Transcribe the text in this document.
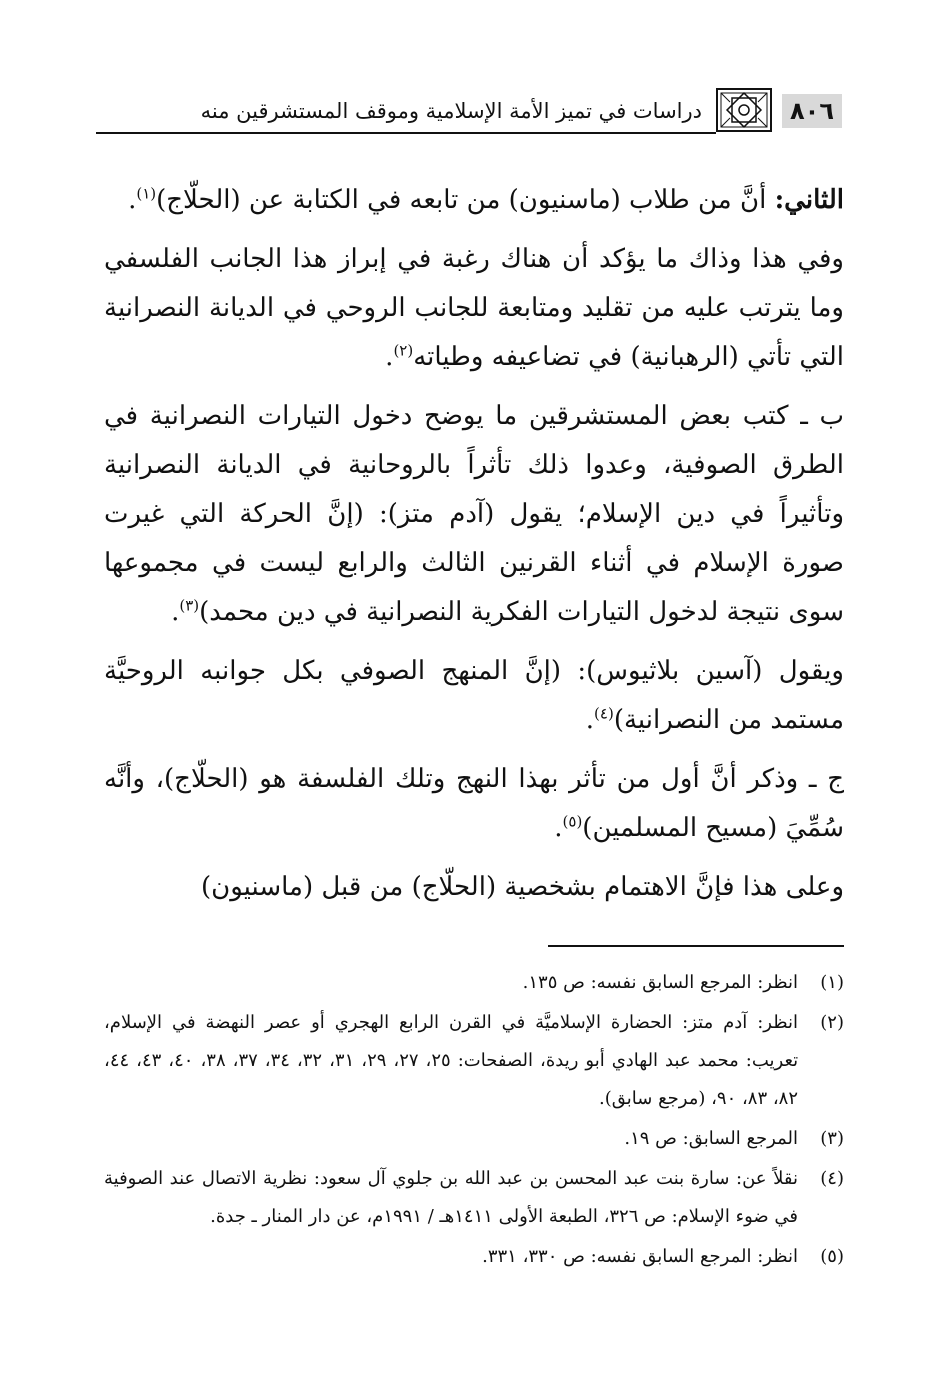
٨٠٦
دراسات في تميز الأمة الإسلامية وموقف المستشرقين منه

الثاني: أنَّ من طلاب (ماسنيون) من تابعه في الكتابة عن (الحلّاج)$^{(١)}$.

وفي هذا وذاك ما يؤكد أن هناك رغبة في إبراز هذا الجانب الفلسفي وما يترتب عليه من تقليد ومتابعة للجانب الروحي في الديانة النصرانية التي تأتي (الرهبانية) في تضاعيفه وطياته$^{(٢)}$.

ب ـ كتب بعض المستشرقين ما يوضح دخول التيارات النصرانية في الطرق الصوفية، وعدوا ذلك تأثراً بالروحانية في الديانة النصرانية وتأثيراً في دين الإسلام؛ يقول (آدم متز): (إنَّ الحركة التي غيرت صورة الإسلام في أثناء القرنين الثالث والرابع ليست في مجموعها سوى نتيجة لدخول التيارات الفكرية النصرانية في دين محمد)$^{(٣)}$.

ويقول (آسين بلاثيوس): (إنَّ المنهج الصوفي بكل جوانبه الروحيَّة مستمد من النصرانية)$^{(٤)}$.

ج ـ وذكر أنَّ أول من تأثر بهذا النهج وتلك الفلسفة هو (الحلّاج)، وأنَّه سُمِّيَ (مسيح المسلمين)$^{(٥)}$.

وعلى هذا فإنَّ الاهتمام بشخصية (الحلّاج) من قبل (ماسنيون)

(١)
انظر: المرجع السابق نفسه: ص ١٣٥.
(٢)
انظر: آدم متز: الحضارة الإسلاميَّة في القرن الرابع الهجري أو عصر النهضة في الإسلام، تعريب: محمد عبد الهادي أبو ريدة، الصفحات: ٢٥، ٢٧، ٢٩، ٣١، ٣٢، ٣٤، ٣٧، ٣٨، ٤٠، ٤٣، ٤٤، ٨٢، ٨٣، ٩٠، (مرجع سابق).
(٣)
المرجع السابق: ص ١٩.
(٤)
نقلاً عن: سارة بنت عبد المحسن بن عبد الله بن جلوي آل سعود: نظرية الاتصال عند الصوفية في ضوء الإسلام: ص ٣٢٦، الطبعة الأولى ١٤١١هـ / ١٩٩١م، عن دار المنار ـ جدة.
(٥)
انظر: المرجع السابق نفسه: ص ٣٣٠، ٣٣١.
